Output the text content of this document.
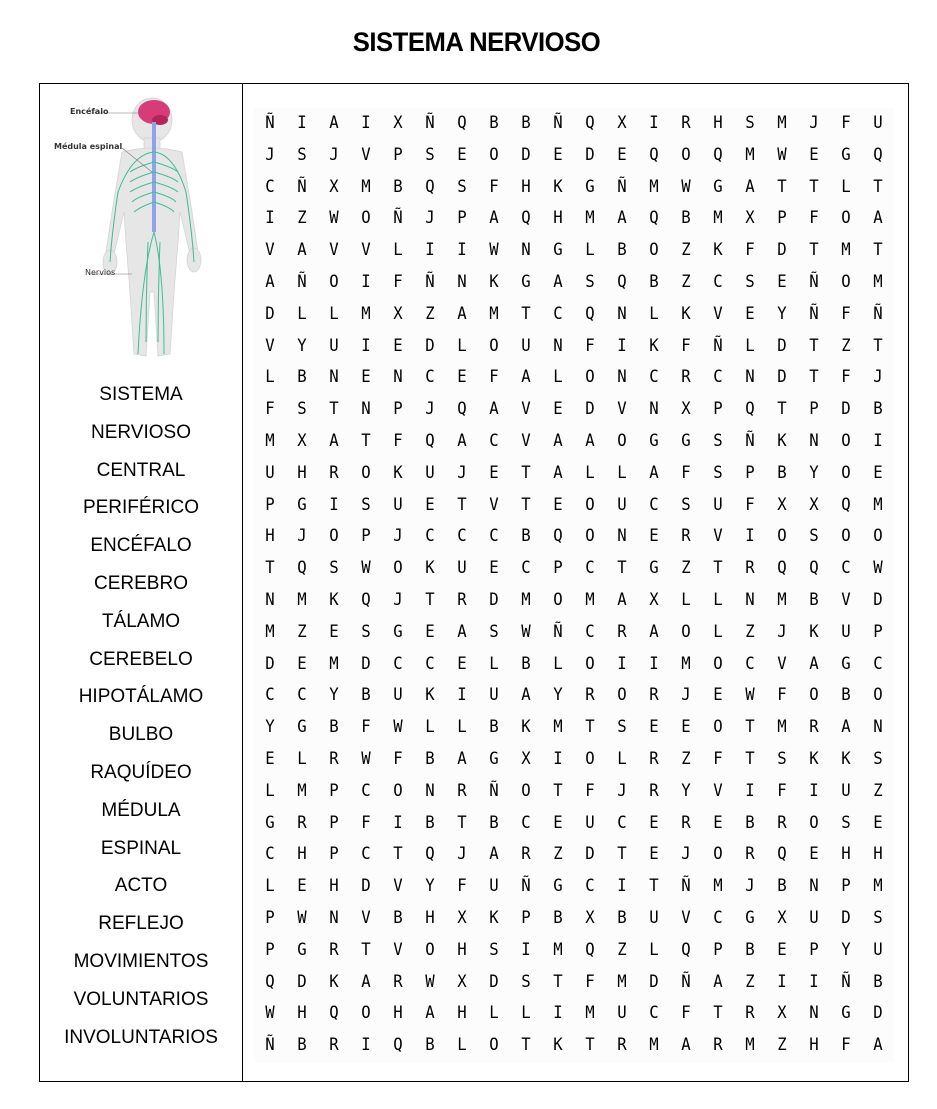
SISTEMA NERVIOSO
Encéfalo
Médula espinal
Nervios
SISTEMA
NERVIOSO
CENTRAL
PERIFÉRICO
ENCÉFALO
CEREBRO
TÁLAMO
CEREBELO
HIPOTÁLAMO
BULBO
RAQUÍDEO
MÉDULA
ESPINAL
ACTO
REFLEJO
MOVIMIENTOS
VOLUNTARIOS
INVOLUNTARIOS
Ñ	I	A	I	X	Ñ	Q	B	B	Ñ	Q	X	I	R	H	S	M	J	F	U
J	S	J	V	P	S	E	O	D	E	D	E	Q	O	Q	M	W	E	G	Q
C	Ñ	X	M	B	Q	S	F	H	K	G	Ñ	M	W	G	A	T	T	L	T
I	Z	W	O	Ñ	J	P	A	Q	H	M	A	Q	B	M	X	P	F	O	A
V	A	V	V	L	I	I	W	N	G	L	B	O	Z	K	F	D	T	M	T
A	Ñ	O	I	F	Ñ	N	K	G	A	S	Q	B	Z	C	S	E	Ñ	O	M
D	L	L	M	X	Z	A	M	T	C	Q	N	L	K	V	E	Y	Ñ	F	Ñ
V	Y	U	I	E	D	L	O	U	N	F	I	K	F	Ñ	L	D	T	Z	T
L	B	N	E	N	C	E	F	A	L	O	N	C	R	C	N	D	T	F	J
F	S	T	N	P	J	Q	A	V	E	D	V	N	X	P	Q	T	P	D	B
M	X	A	T	F	Q	A	C	V	A	A	O	G	G	S	Ñ	K	N	O	I
U	H	R	O	K	U	J	E	T	A	L	L	A	F	S	P	B	Y	O	E
P	G	I	S	U	E	T	V	T	E	O	U	C	S	U	F	X	X	Q	M
H	J	O	P	J	C	C	C	B	Q	O	N	E	R	V	I	O	S	O	O
T	Q	S	W	O	K	U	E	C	P	C	T	G	Z	T	R	Q	Q	C	W
N	M	K	Q	J	T	R	D	M	O	M	A	X	L	L	N	M	B	V	D
M	Z	E	S	G	E	A	S	W	Ñ	C	R	A	O	L	Z	J	K	U	P
D	E	M	D	C	C	E	L	B	L	O	I	I	M	O	C	V	A	G	C
C	C	Y	B	U	K	I	U	A	Y	R	O	R	J	E	W	F	O	B	O
Y	G	B	F	W	L	L	B	K	M	T	S	E	E	O	T	M	R	A	N
E	L	R	W	F	B	A	G	X	I	O	L	R	Z	F	T	S	K	K	S
L	M	P	C	O	N	R	Ñ	O	T	F	J	R	Y	V	I	F	I	U	Z
G	R	P	F	I	B	T	B	C	E	U	C	E	R	E	B	R	O	S	E
C	H	P	C	T	Q	J	A	R	Z	D	T	E	J	O	R	Q	E	H	H
L	E	H	D	V	Y	F	U	Ñ	G	C	I	T	Ñ	M	J	B	N	P	M
P	W	N	V	B	H	X	K	P	B	X	B	U	V	C	G	X	U	D	S
P	G	R	T	V	O	H	S	I	M	Q	Z	L	Q	P	B	E	P	Y	U
Q	D	K	A	R	W	X	D	S	T	F	M	D	Ñ	A	Z	I	I	Ñ	B
W	H	Q	O	H	A	H	L	L	I	M	U	C	F	T	R	X	N	G	D
Ñ	B	R	I	Q	B	L	O	T	K	T	R	M	A	R	M	Z	H	F	A
